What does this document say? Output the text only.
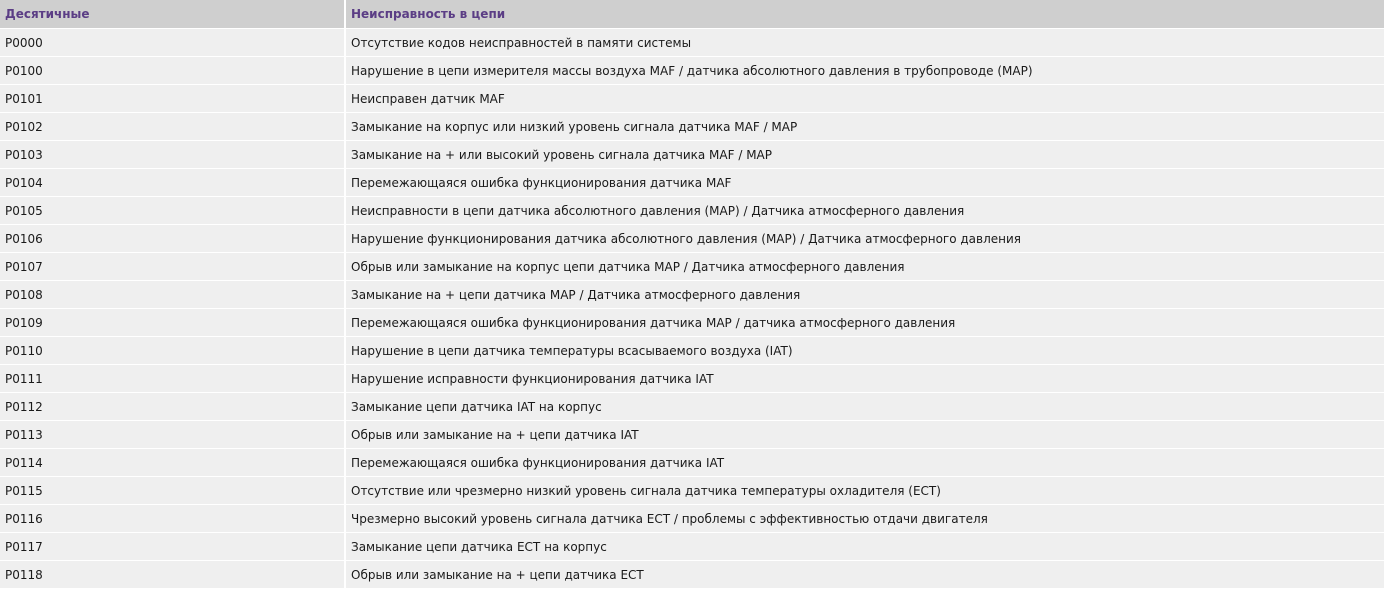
Десятичные	Неисправность в цепи
P0000	Отсутствие кодов неисправностей в памяти системы
P0100	Нарушение в цепи измерителя массы воздуха MAF / датчика абсолютного давления в трубопроводе (MAP)
P0101	Неисправен датчик MAF
P0102	Замыкание на корпус или низкий уровень сигнала датчика MAF / MAP
P0103	Замыкание на + или высокий уровень сигнала датчика MAF / MAP
P0104	Перемежающаяся ошибка функционирования датчика MAF
P0105	Неисправности в цепи датчика абсолютного давления (MAP) / Датчика атмосферного давления
P0106	Нарушение функционирования датчика абсолютного давления (MAP) / Датчика атмосферного давления
P0107	Обрыв или замыкание на корпус цепи датчика MAP / Датчика атмосферного давления
P0108	Замыкание на + цепи датчика MAP / Датчика атмосферного давления
P0109	Перемежающаяся ошибка функционирования датчика MAP / датчика атмосферного давления
P0110	Нарушение в цепи датчика температуры всасываемого воздуха (IAT)
P0111	Нарушение исправности функционирования датчика IAT
P0112	Замыкание цепи датчика IAT на корпус
P0113	Обрыв или замыкание на + цепи датчика IAT
P0114	Перемежающаяся ошибка функционирования датчика IAT
P0115	Отсутствие или чрезмерно низкий уровень сигнала датчика температуры охладителя (ECT)
P0116	Чрезмерно высокий уровень сигнала датчика ECT / проблемы с эффективностью отдачи двигателя
P0117	Замыкание цепи датчика ECT на корпус
P0118	Обрыв или замыкание на + цепи датчика ECT
